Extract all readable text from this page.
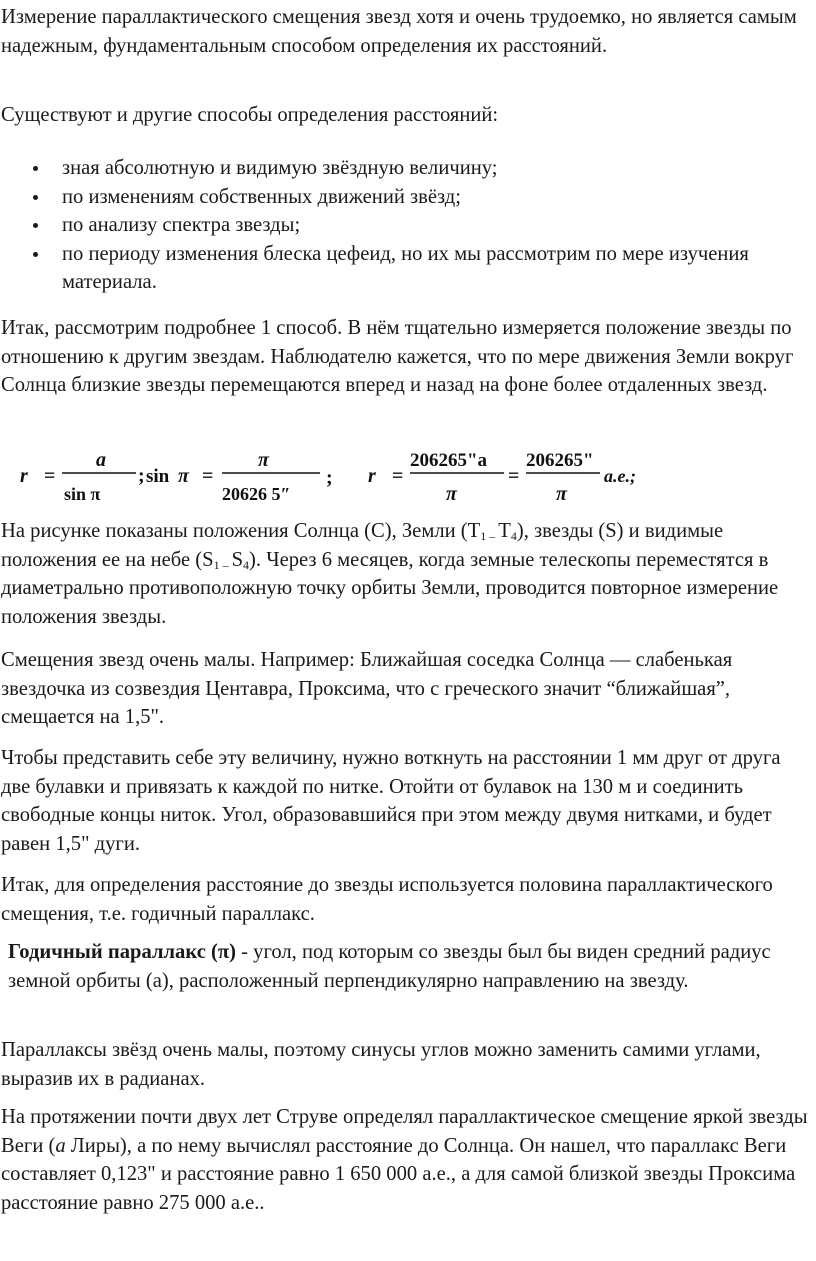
Измерение параллактического смещения звезд хотя и очень трудоемко, но является самым надежным, фундаментальным способом определения их расстояний.

Существуют и другие способы определения расстояний:

зная абсолютную и видимую звёздную величину;
по изменениям собственных движений звёзд;
по анализу спектра звезды;
по периоду изменения блеска цефеид, но их мы рассмотрим по мере изучения материала.

Итак, рассмотрим подробнее 1 способ. В нём тщательно измеряется положение звезды по отношению к другим звездам. Наблюдателю кажется, что по мере движения Земли вокруг Солнца близкие звезды перемещаются вперед и назад на фоне более отдаленных звезд.

r =
a
sin π
; sin π =
π
20626 5″
; r =
206265"a
π
=
206265"
π
a.e.;

На рисунке показаны положения Солнца (С), Земли ($Т_{1 -}$ $Т_4$), звезды (S) и видимые положения ее на небе ($S_{1 -}$ $S_4$). Через 6 месяцев, когда земные телескопы переместятся в диаметрально противоположную точку орбиты Земли, проводится повторное измерение положения звезды.

Смещения звезд очень малы. Например: Ближайшая соседка Солнца — слабенькая звездочка из созвездия Центавра, Проксима, что с греческого значит “ближайшая”, смещается на 1,5".

Чтобы представить себе эту величину, нужно воткнуть на расстоянии 1 мм друг от друга две булавки и привязать к каждой по нитке. Отойти от булавок на 130 м и соединить свободные концы ниток. Угол, образовавшийся при этом между двумя нитками, и будет равен 1,5" дуги.

Итак, для определения расстояние до звезды используется половина параллактического смещения, т.е. годичный параллакс.

Годичный параллакс (π) - угол, под которым со звезды был бы виден средний радиус земной орбиты (а), расположенный перпендикулярно направлению на звезду.

Параллаксы звёзд очень малы, поэтому синусы углов можно заменить самими углами, выразив их в радианах.

На протяжении почти двух лет Струве определял параллактическое смещение яркой звезды Веги (a Лиры), а по нему вычислял расстояние до Солнца. Он нашел, что параллакс Веги составляет 0,123" и расстояние равно 1 650 000 а.е., а для самой близкой звезды Проксима расстояние равно 275 000 а.е..
